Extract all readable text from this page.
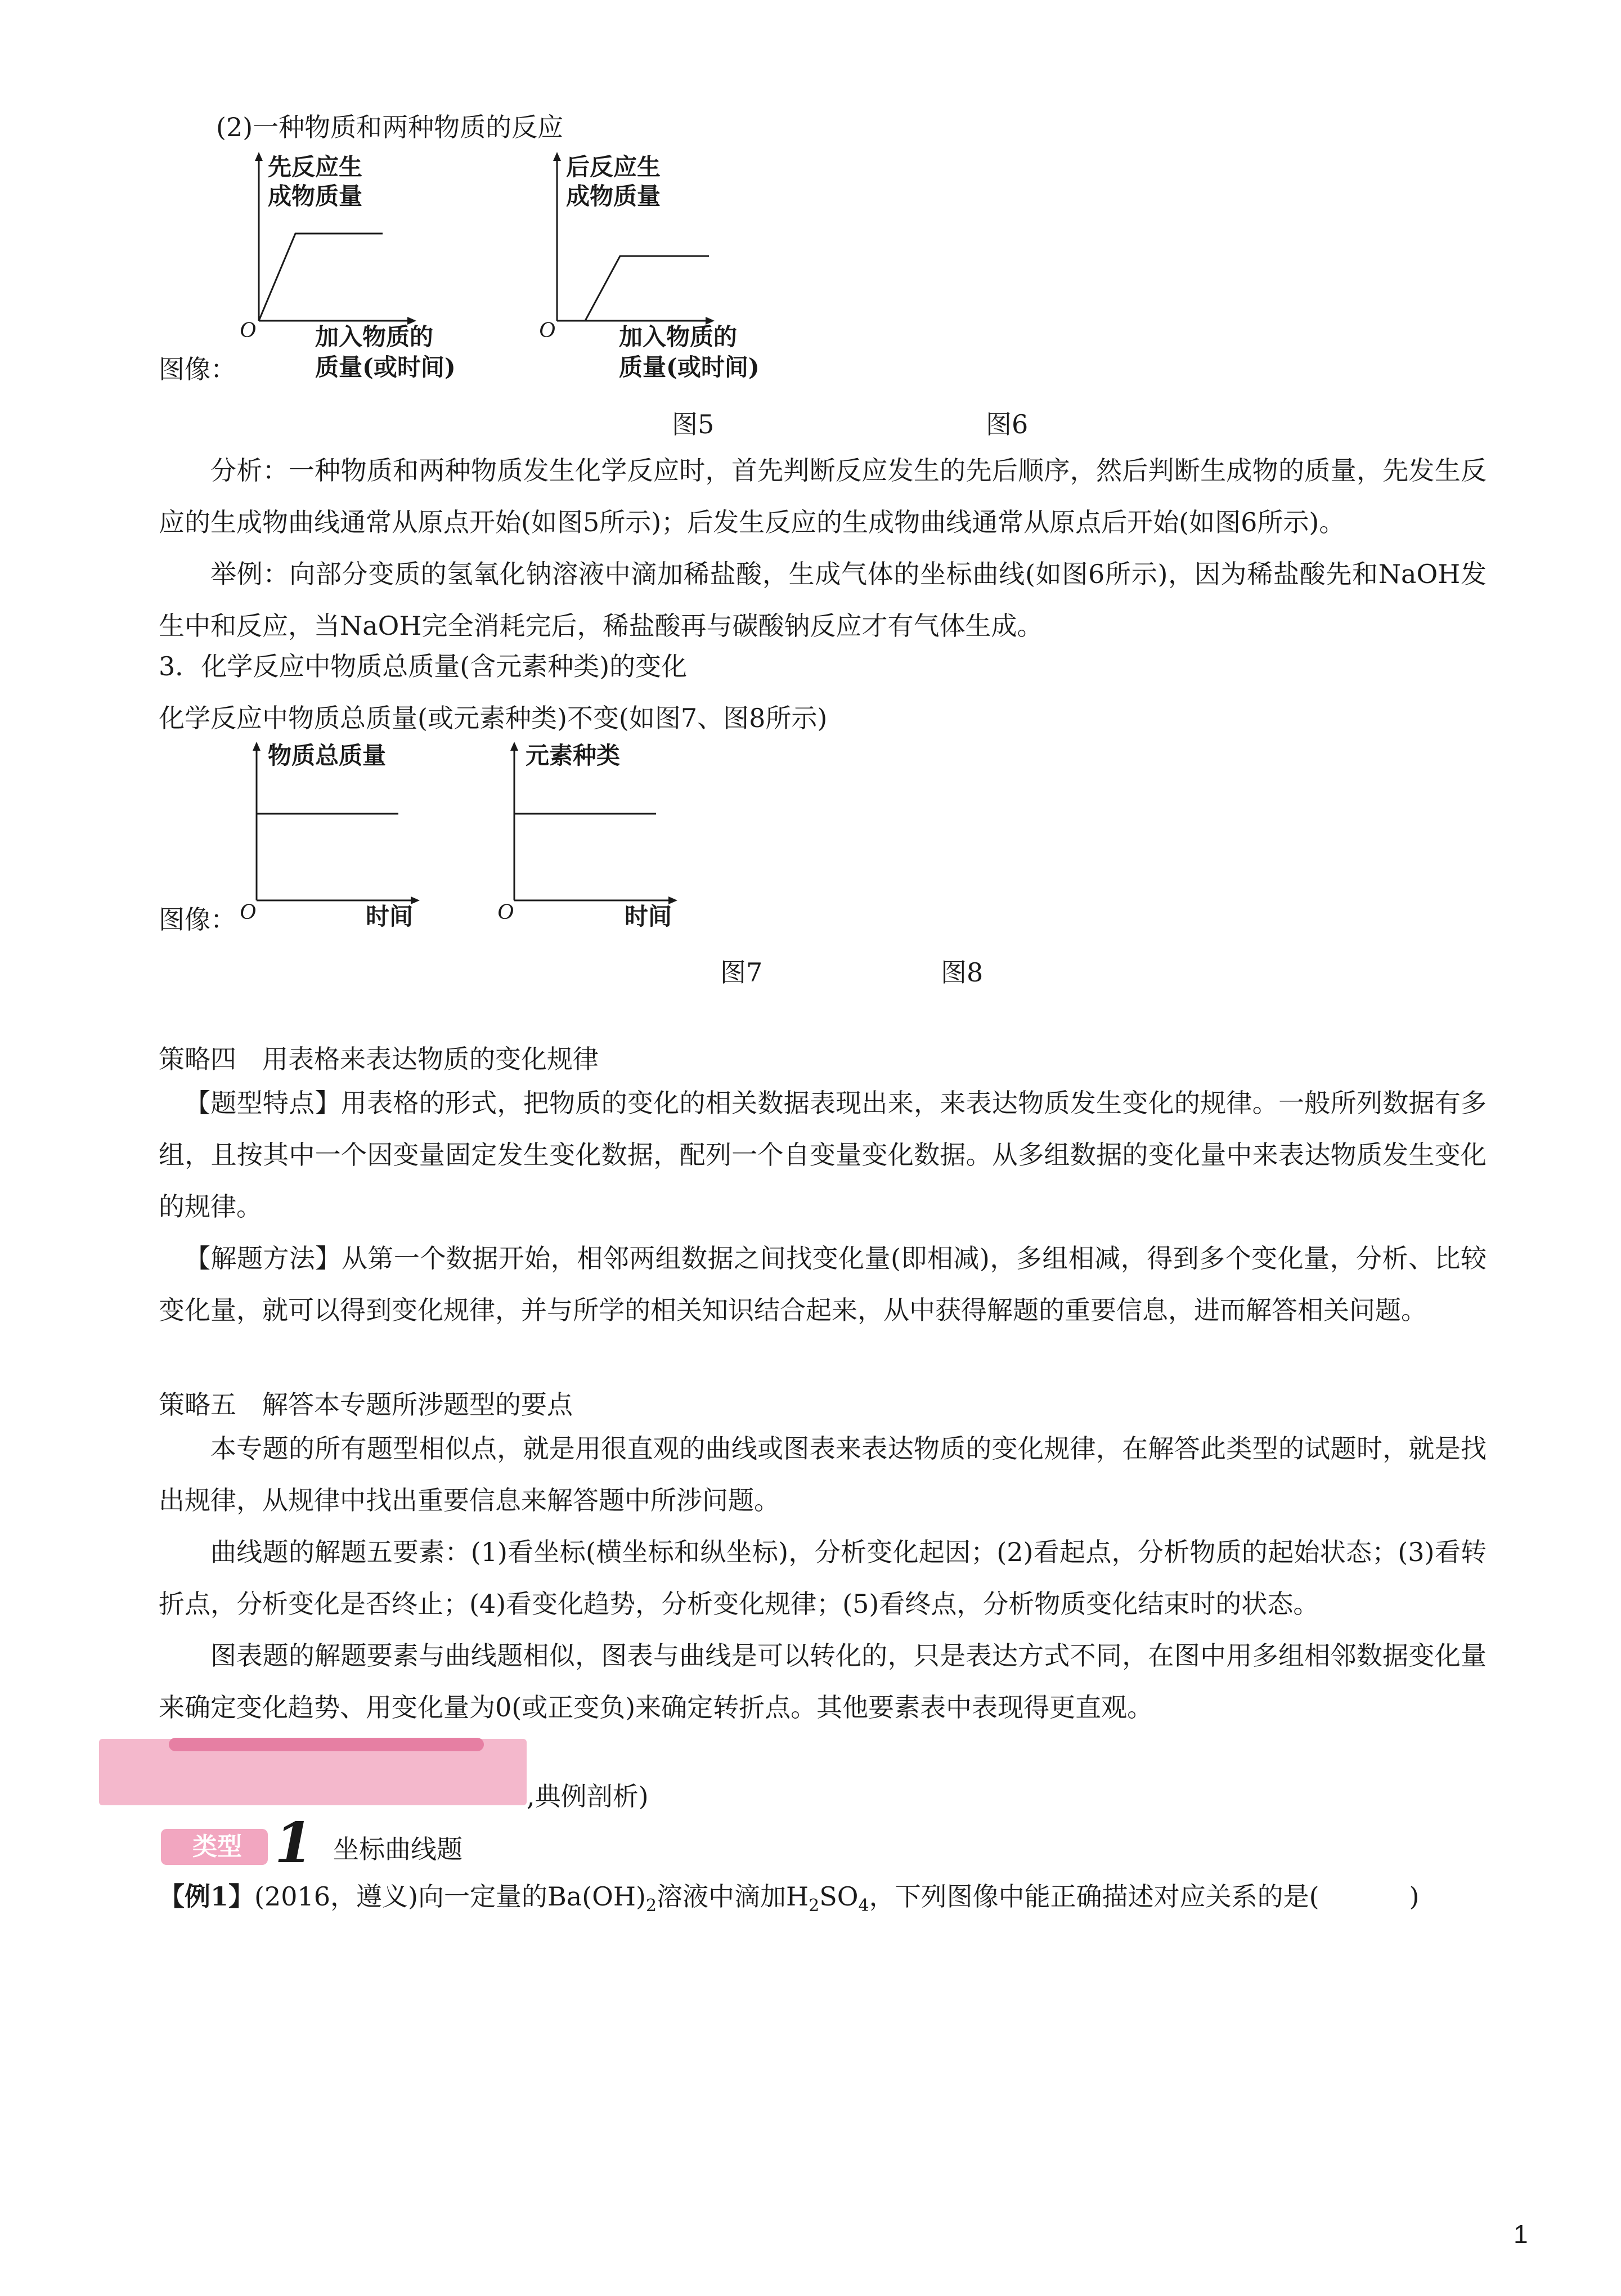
(2)一种物质和两种物质的反应
先反应生
成物质量
O	加入物质的
质量(或时间)
后反应生
成物质量
O	加入物质的
质量(或时间)
图像：
图5	图6
分析：一种物质和两种物质发生化学反应时，首先判断反应发生的先后顺序，然后判断生成物的质量，先发生反应的生成物曲线通常从原点开始(如图5所示)；后发生反应的生成物曲线通常从原点后开始(如图6所示)。
举例：向部分变质的氢氧化钠溶液中滴加稀盐酸，生成气体的坐标曲线(如图6所示)，因为稀盐酸先和NaOH发生中和反应，当NaOH完全消耗完后，稀盐酸再与碳酸钠反应才有气体生成。
3．化学反应中物质总质量(含元素种类)的变化
化学反应中物质总质量(或元素种类)不变(如图7、图8所示)
物质总质量
O	时间
元素种类
O	时间
图像：
图7	图8
策略四　用表格来表达物质的变化规律
【题型特点】用表格的形式，把物质的变化的相关数据表现出来，来表达物质发生变化的规律。一般所列数据有多组，且按其中一个因变量固定发生变化数据，配列一个自变量变化数据。从多组数据的变化量中来表达物质发生变化的规律。
【解题方法】从第一个数据开始，相邻两组数据之间找变化量(即相减)，多组相减，得到多个变化量，分析、比较变化量，就可以得到变化规律，并与所学的相关知识结合起来，从中获得解题的重要信息，进而解答相关问题。
策略五　解答本专题所涉题型的要点
本专题的所有题型相似点，就是用很直观的曲线或图表来表达物质的变化规律，在解答此类型的试题时，就是找出规律，从规律中找出重要信息来解答题中所涉问题。
曲线题的解题五要素：(1)看坐标(横坐标和纵坐标)，分析变化起因；(2)看起点，分析物质的起始状态；(3)看转折点，分析变化是否终止；(4)看变化趋势，分析变化规律；(5)看终点，分析物质变化结束时的状态。
图表题的解题要素与曲线题相似，图表与曲线是可以转化的，只是表达方式不同，在图中用多组相邻数据变化量来确定变化趋势、用变化量为0(或正变负)来确定转折点。其他要素表中表现得更直观。
,典例剖析)
类型 1 坐标曲线题
【例1】(2016，遵义)向一定量的$Ba(OH)_2$溶液中滴加$H_2SO_4$，下列图像中能正确描述对应关系的是(	)
1
